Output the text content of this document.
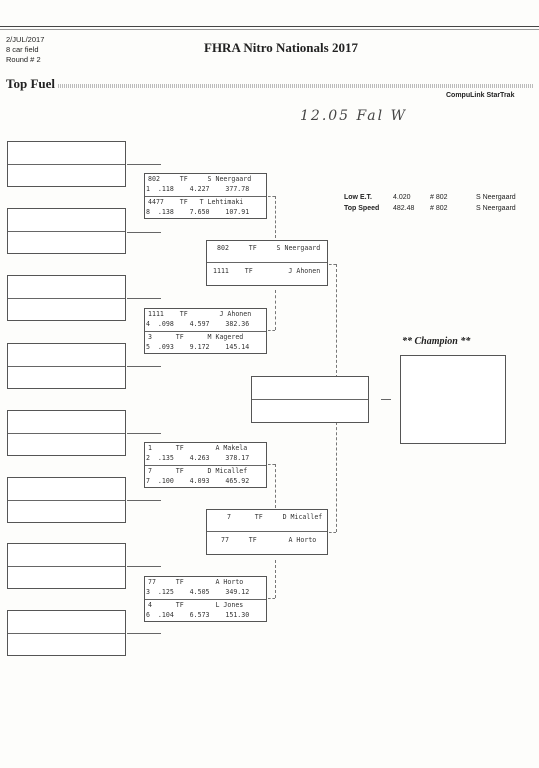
2/JUL/2017
8 car field
Round # 2
FHRA Nitro Nationals 2017
Top Fuel
CompuLink StarTrak
12.05 Fal W
Low E.T.	4.020	# 802	S Neergaard
Top Speed 482.48 # 802	S Neergaard
802     TF     S Neergaard
1  .118    4.227    377.78
4477    TF   T Lehtimaki
8  .138    7.650    107.91
1111    TF        J Ahonen
4  .098    4.597    382.36
3      TF      M Kagered
5  .093    9.172    145.14
1      TF        A Makela
2  .135    4.263    378.17
7      TF      D Micallef
7  .100    4.093    465.92
77     TF        A Horto
3  .125    4.505    349.12
4      TF        L Jones
6  .104    6.573    151.30
802     TF     S Neergaard
1111    TF         J Ahonen
7      TF     D Micallef
77     TF        A Horto
** Champion **
